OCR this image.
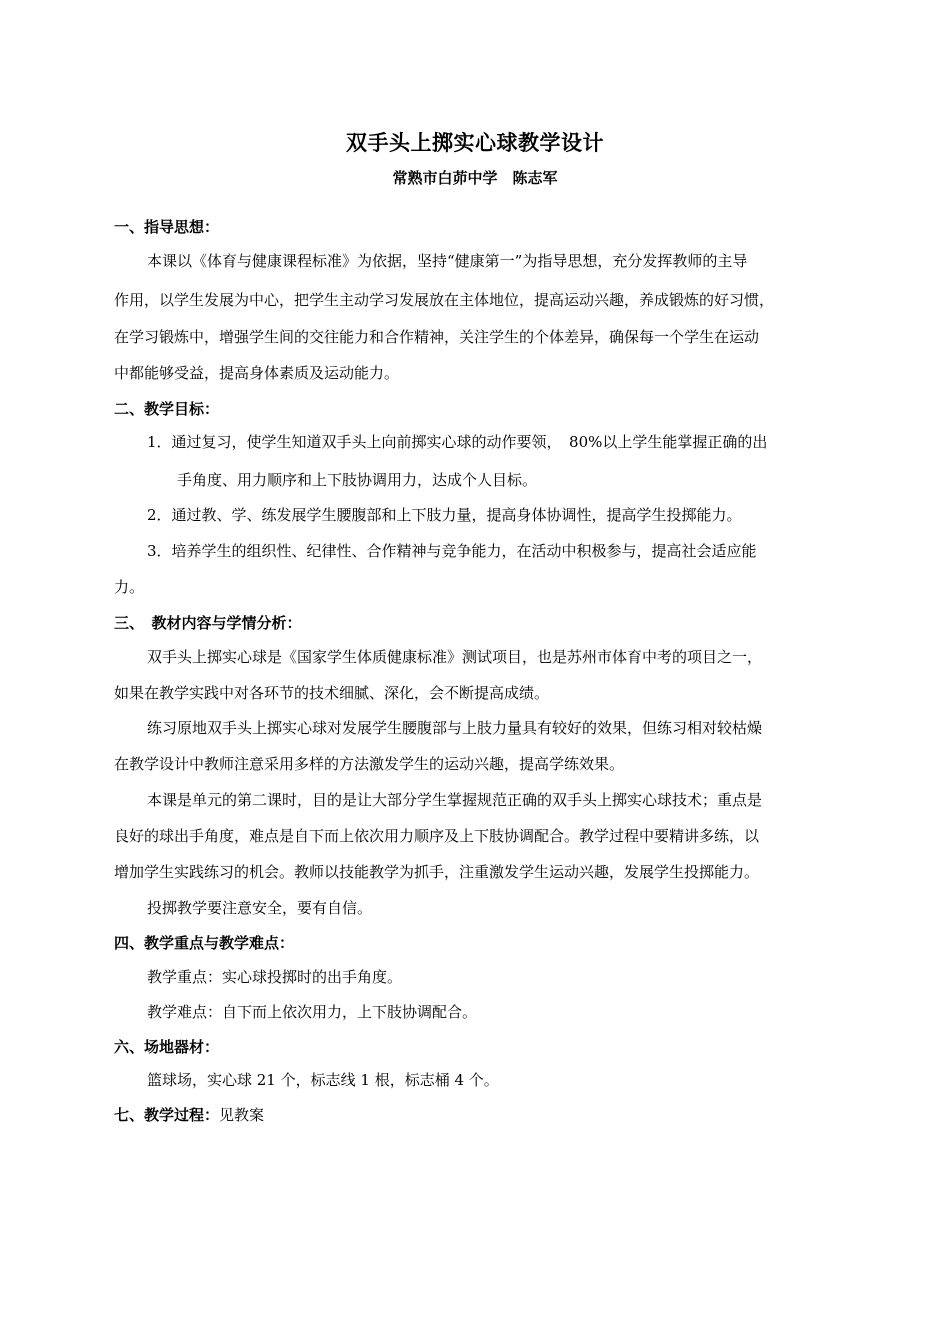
双手头上掷实心球教学设计
常熟市白茆中学　陈志军
一、指导思想：
本课以《体育与健康课程标准》为依据，坚持“健康第一”为指导思想，充分发挥教师的主导
作用，以学生发展为中心，把学生主动学习发展放在主体地位，提高运动兴趣，养成锻炼的好习惯，
在学习锻炼中，增强学生间的交往能力和合作精神，关注学生的个体差异，确保每一个学生在运动
中都能够受益，提高身体素质及运动能力。
二、教学目标：
1．通过复习，使学生知道双手头上向前掷实心球的动作要领，　80%以上学生能掌握正确的出
手角度、用力顺序和上下肢协调用力，达成个人目标。
2．通过教、学、练发展学生腰腹部和上下肢力量，提高身体协调性，提高学生投掷能力。
3．培养学生的组织性、纪律性、合作精神与竞争能力，在活动中积极参与，提高社会适应能
力。
三、　教材内容与学情分析：
双手头上掷实心球是《国家学生体质健康标准》测试项目，也是苏州市体育中考的项目之一，
如果在教学实践中对各环节的技术细腻、深化，会不断提高成绩。
练习原地双手头上掷实心球对发展学生腰腹部与上肢力量具有较好的效果，但练习相对较枯燥
在教学设计中教师注意采用多样的方法激发学生的运动兴趣，提高学练效果。
本课是单元的第二课时，目的是让大部分学生掌握规范正确的双手头上掷实心球技术；重点是
良好的球出手角度，难点是自下而上依次用力顺序及上下肢协调配合。教学过程中要精讲多练，以
增加学生实践练习的机会。教师以技能教学为抓手，注重激发学生运动兴趣，发展学生投掷能力。
投掷教学要注意安全，要有自信。
四、教学重点与教学难点：
教学重点：实心球投掷时的出手角度。
教学难点：自下而上依次用力，上下肢协调配合。
六、场地器材：
篮球场，实心球 21 个，标志线 1 根，标志桶 4 个。
七、教学过程：见教案
